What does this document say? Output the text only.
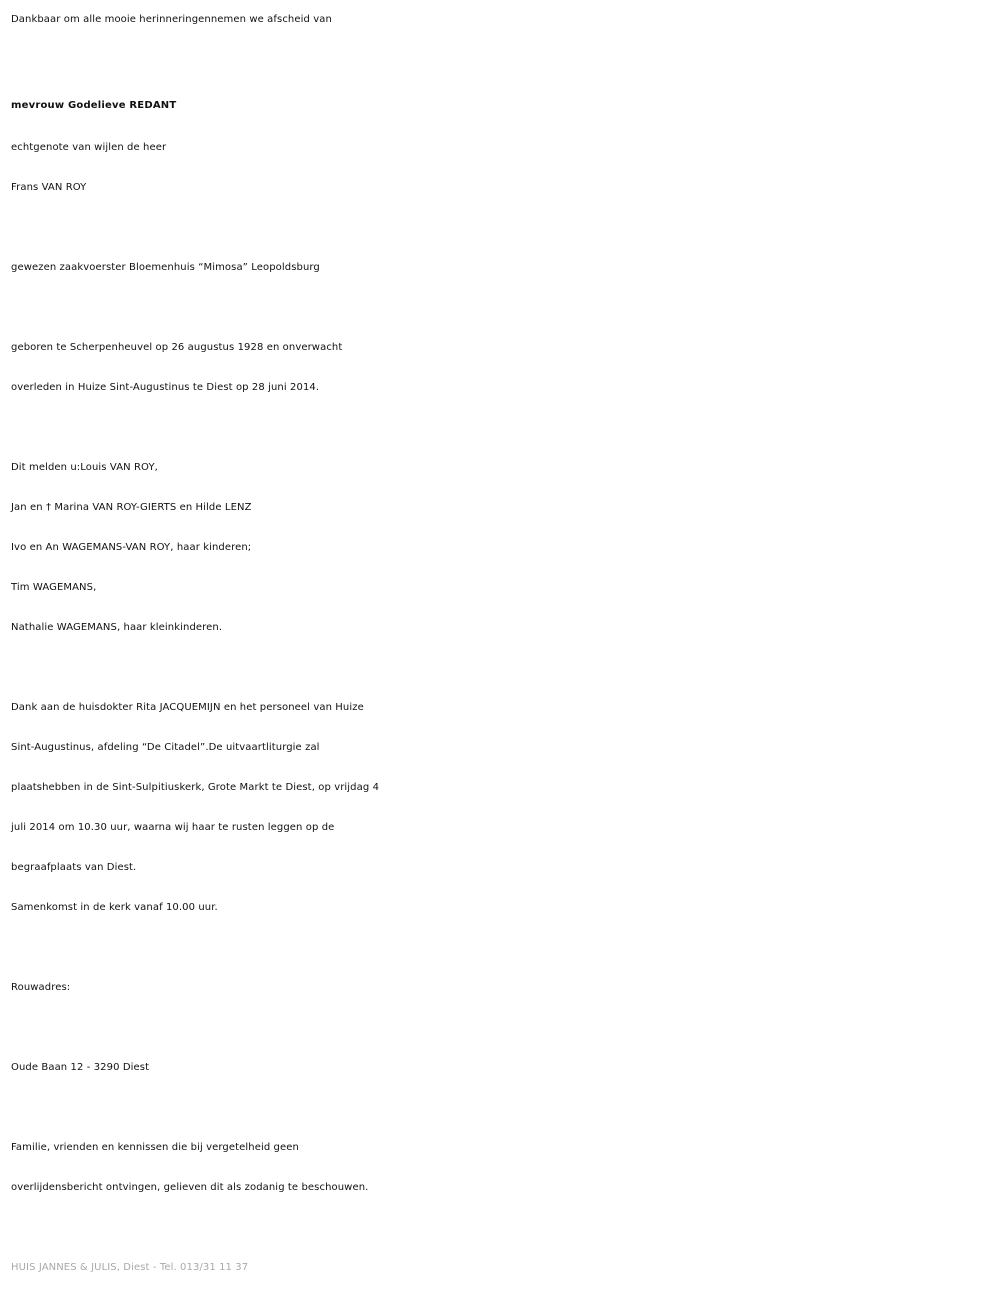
Dankbaar om alle mooie herinneringennemen we afscheid van
mevrouw Godelieve REDANT
echtgenote van wijlen de heer
Frans VAN ROY
gewezen zaakvoerster Bloemenhuis “Mimosa” Leopoldsburg
geboren te Scherpenheuvel op 26 augustus 1928 en onverwacht
overleden in Huize Sint-Augustinus te Diest op 28 juni 2014.
Dit melden u:Louis VAN ROY,
Jan en † Marina VAN ROY-GIERTS en Hilde LENZ
Ivo en An WAGEMANS-VAN ROY, haar kinderen;
Tim WAGEMANS,
Nathalie WAGEMANS, haar kleinkinderen.
Dank aan de huisdokter Rita JACQUEMIJN en het personeel van Huize
Sint-Augustinus, afdeling “De Citadel”.De uitvaartliturgie zal
plaatshebben in de Sint-Sulpitiuskerk, Grote Markt te Diest, op vrijdag 4
juli 2014 om 10.30 uur, waarna wij haar te rusten leggen op de
begraafplaats van Diest.
Samenkomst in de kerk vanaf 10.00 uur.
Rouwadres:
Oude Baan 12 - 3290 Diest
Familie, vrienden en kennissen die bij vergetelheid geen
overlijdensbericht ontvingen, gelieven dit als zodanig te beschouwen.
HUIS JANNES & JULIS, Diest - Tel. 013/31 11 37
